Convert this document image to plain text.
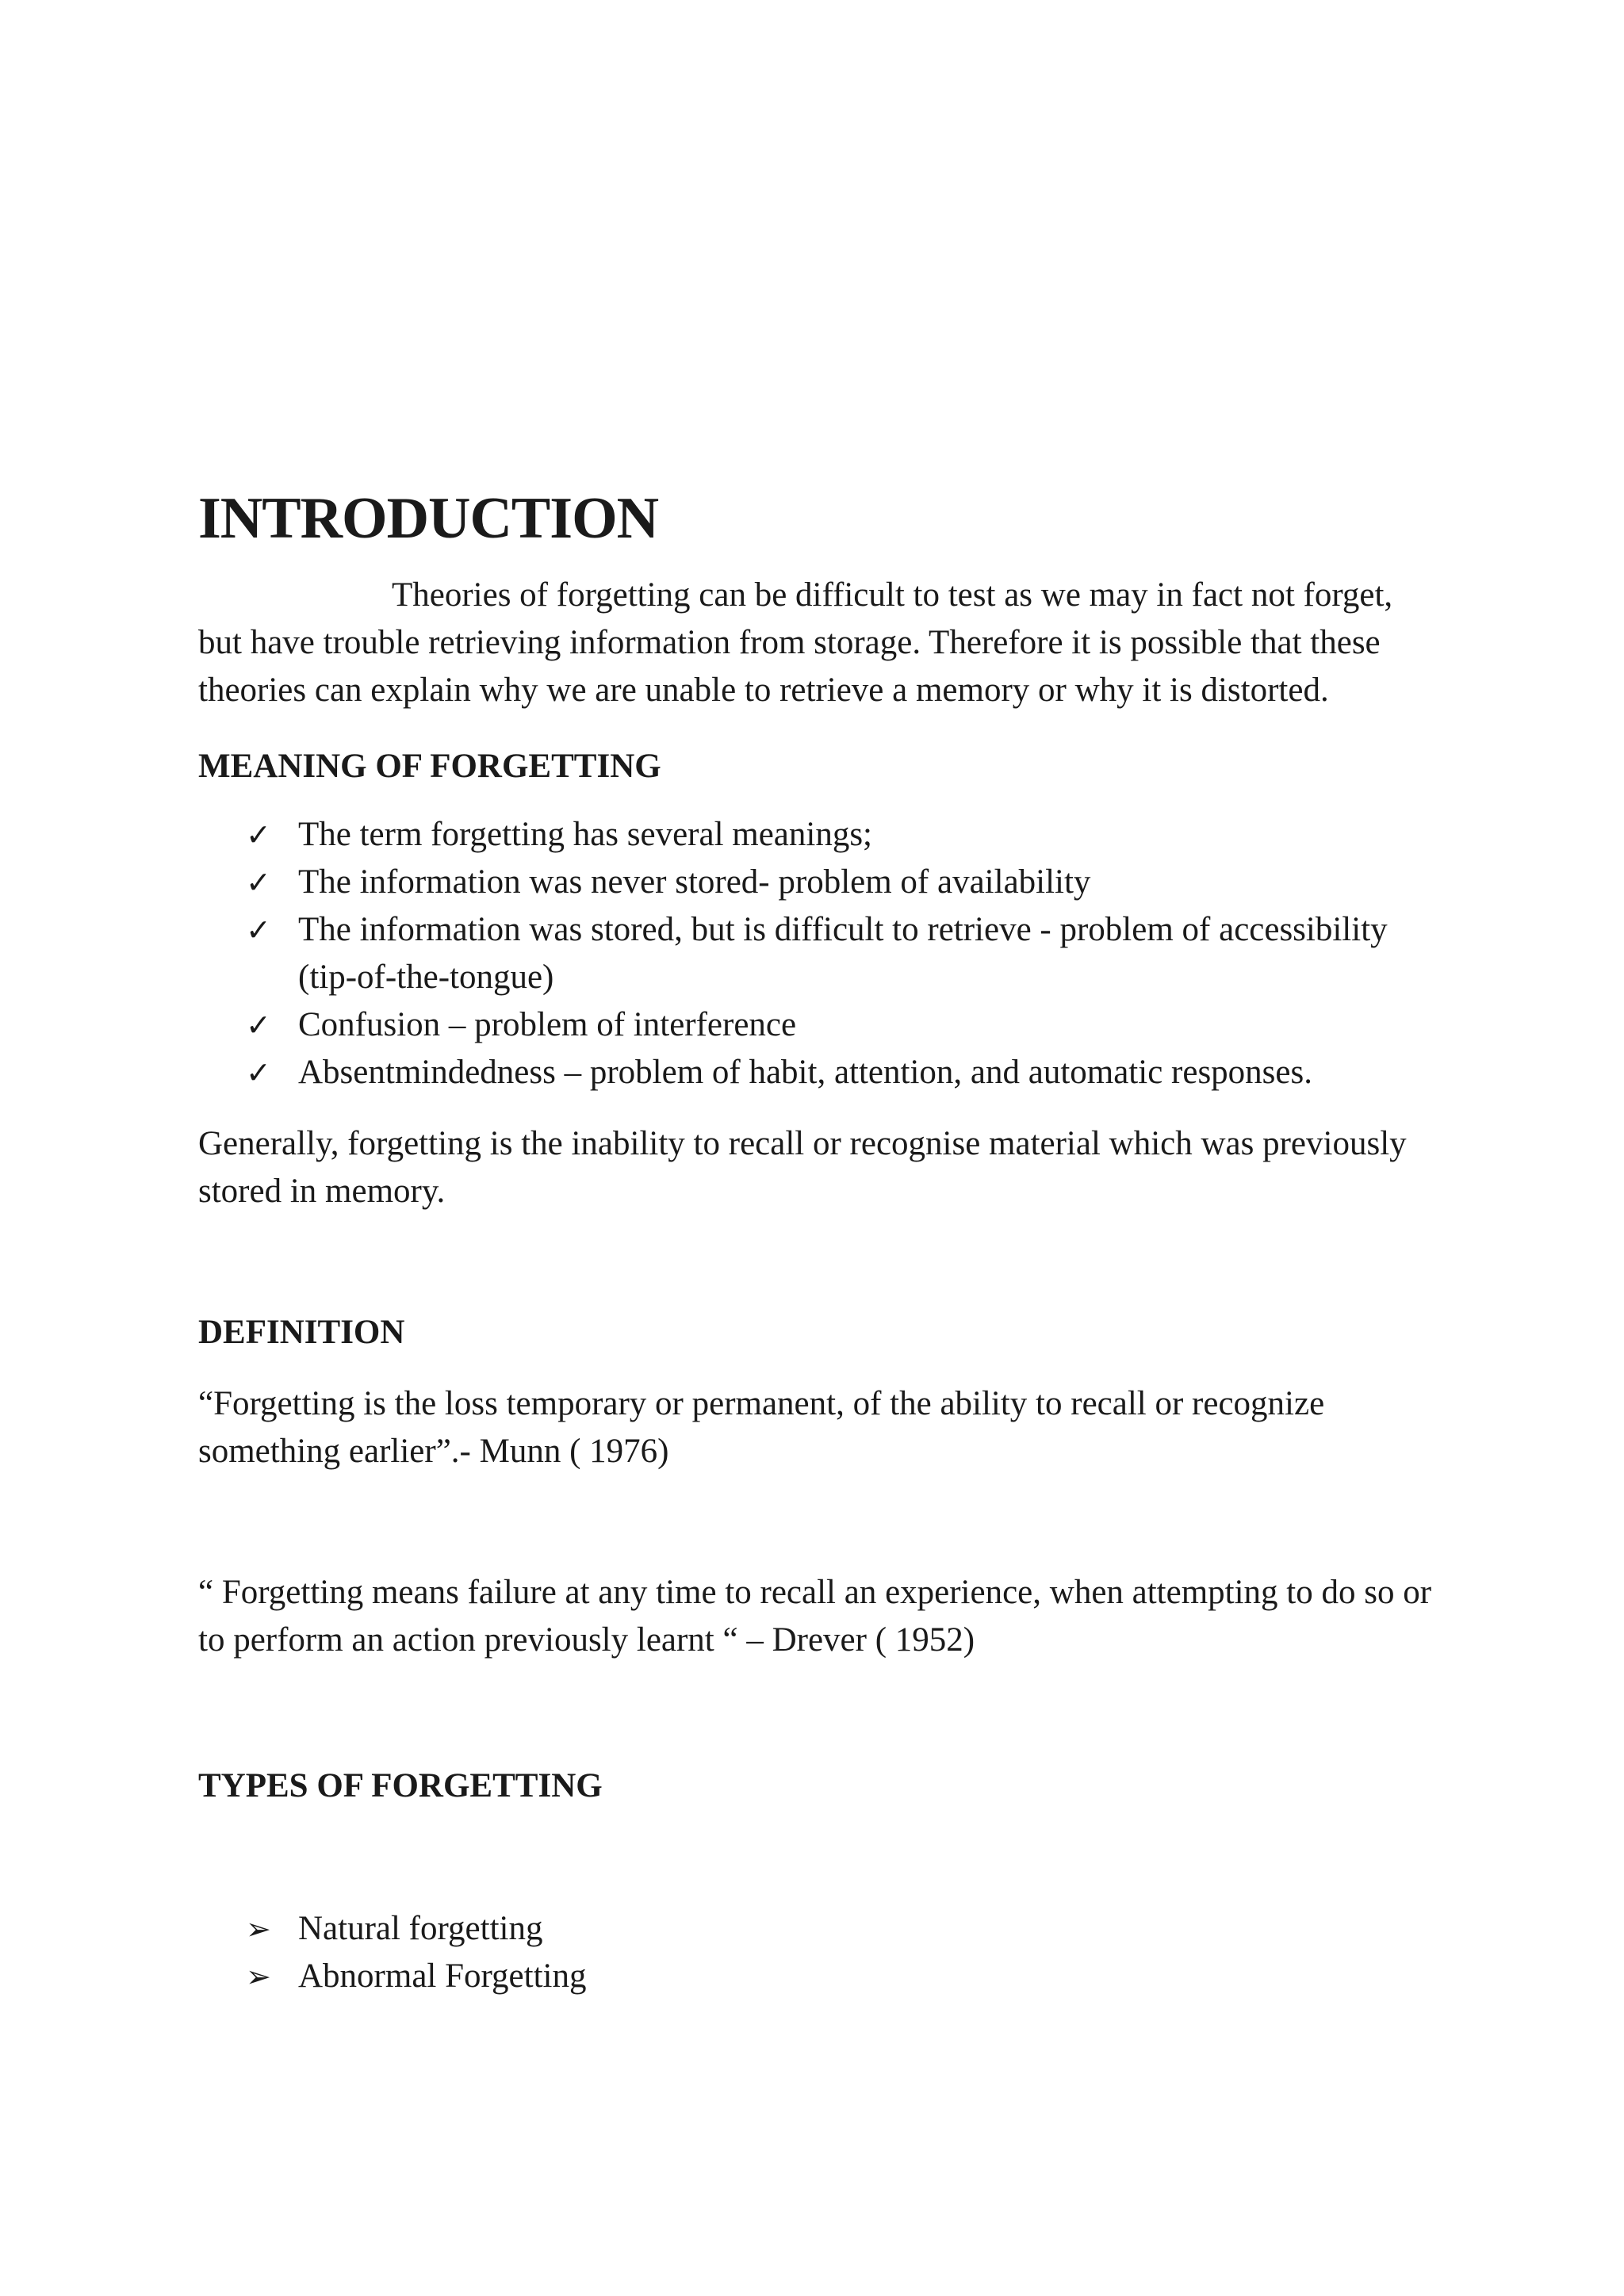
INTRODUCTION

Theories of forgetting can be difficult to test as we may in fact not forget, but have trouble retrieving information from storage. Therefore it is possible that these theories can explain why we are unable to retrieve a memory or why it is distorted.

MEANING OF FORGETTING
✓ The term forgetting has several meanings;
✓ The information was never stored- problem of availability
✓ The information was stored, but is difficult to retrieve - problem of accessibility (tip-of-the-tongue)
✓ Confusion – problem of interference
✓ Absentmindedness – problem of habit, attention, and automatic responses.

Generally, forgetting is the inability to recall or recognise material which was previously stored in memory.

DEFINITION

“Forgetting is the loss temporary or permanent, of the ability to recall or recognize something earlier”.- Munn ( 1976)

“ Forgetting means failure at any time to recall an experience, when attempting to do so or to perform an action previously learnt “ – Drever ( 1952)

TYPES OF FORGETTING
➢ Natural forgetting
➢ Abnormal Forgetting
